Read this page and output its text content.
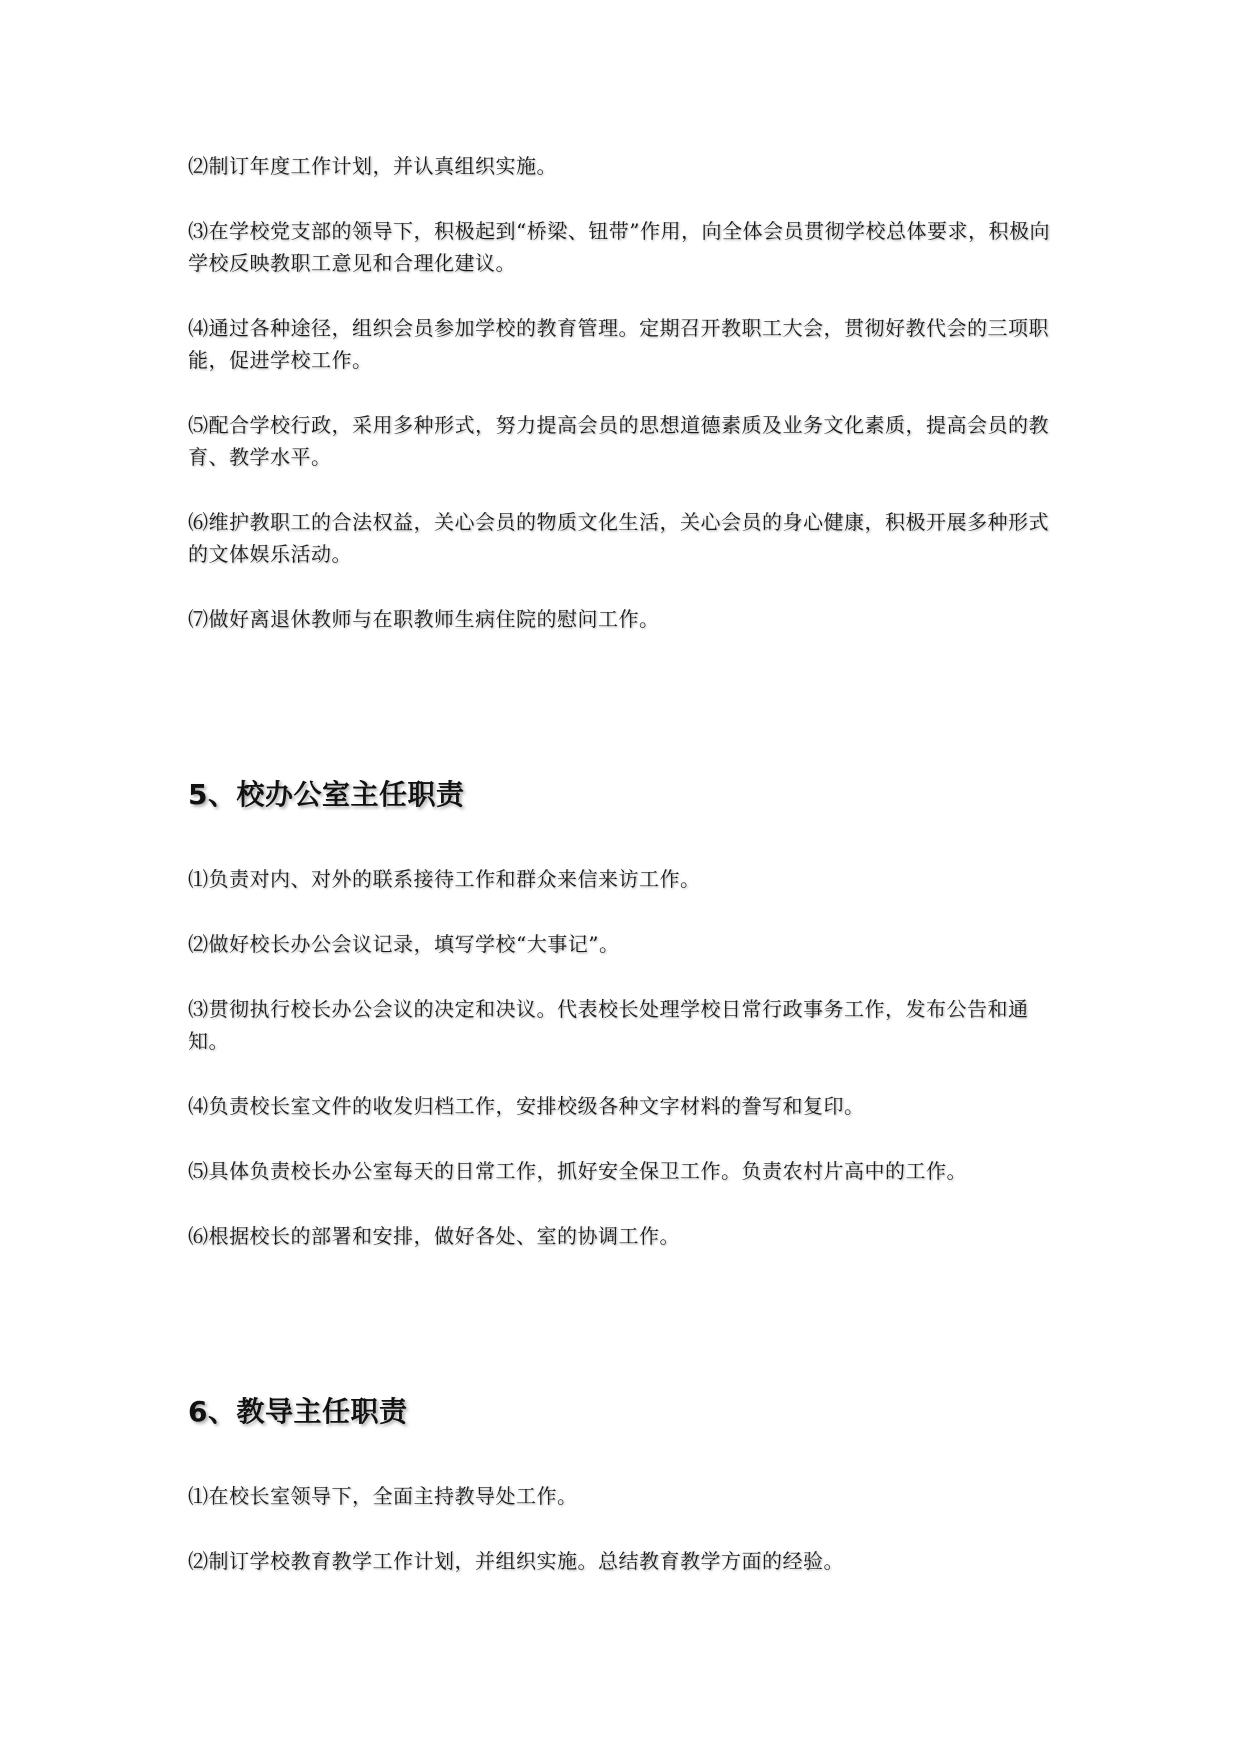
⑵制订年度工作计划，并认真组织实施。

⑶在学校党支部的领导下，积极起到“桥梁、钮带”作用，向全体会员贯彻学校总体要求，积极向学校反映教职工意见和合理化建议。

⑷通过各种途径，组织会员参加学校的教育管理。定期召开教职工大会，贯彻好教代会的三项职能，促进学校工作。

⑸配合学校行政，采用多种形式，努力提高会员的思想道德素质及业务文化素质，提高会员的教育、教学水平。

⑹维护教职工的合法权益，关心会员的物质文化生活，关心会员的身心健康，积极开展多种形式的文体娱乐活动。

⑺做好离退休教师与在职教师生病住院的慰问工作。

5、校办公室主任职责

⑴负责对内、对外的联系接待工作和群众来信来访工作。

⑵做好校长办公会议记录，填写学校“大事记”。

⑶贯彻执行校长办公会议的决定和决议。代表校长处理学校日常行政事务工作，发布公告和通知。

⑷负责校长室文件的收发归档工作，安排校级各种文字材料的誊写和复印。

⑸具体负责校长办公室每天的日常工作，抓好安全保卫工作。负责农村片高中的工作。

⑹根据校长的部署和安排，做好各处、室的协调工作。

6、教导主任职责

⑴在校长室领导下，全面主持教导处工作。

⑵制订学校教育教学工作计划，并组织实施。总结教育教学方面的经验。
